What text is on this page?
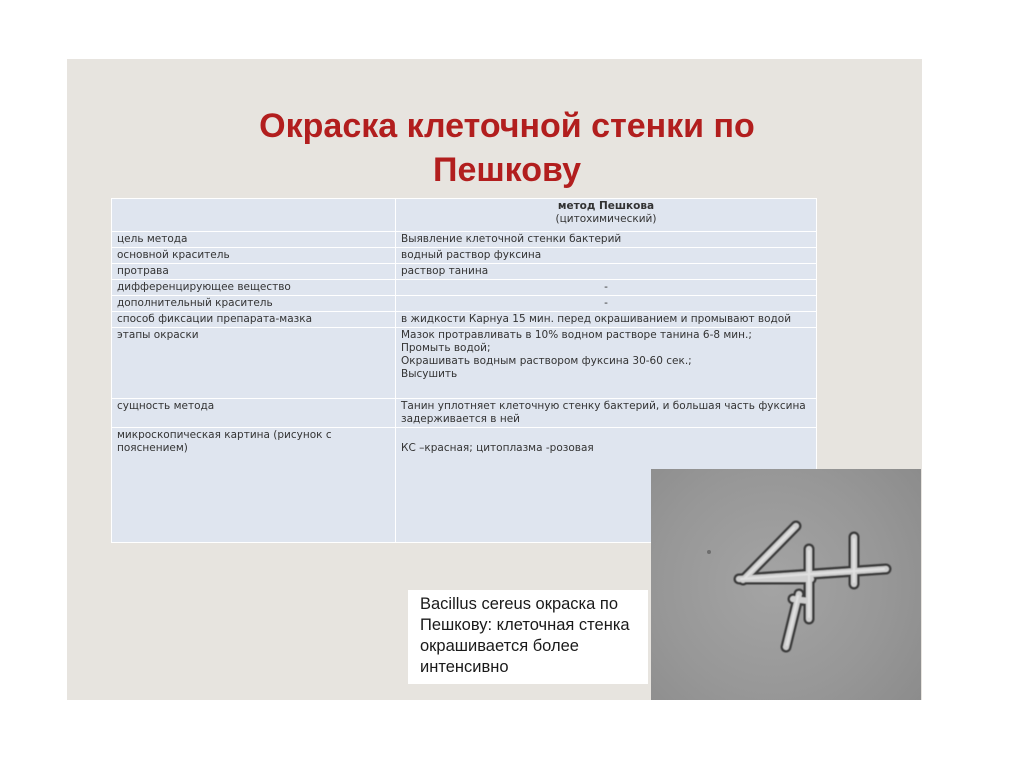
Окраска клеточной стенки по Пешкову

	метод Пешкова
(цитохимический)
цель метода	Выявление клеточной стенки бактерий
основной краситель	водный раствор фуксина
протрава	раствор танина
дифференцирующее вещество	-
дополнительный краситель	-
способ фиксации препарата-мазка	в жидкости Карнуа 15 мин. перед окрашиванием и промывают водой
этапы окраски	Мазок протравливать в 10% водном растворе танина 6-8 мин.;
Промыть водой;
Окрашивать водным раствором фуксина 30-60 сек.;
Высушить

сущность метода	Танин уплотняет клеточную стенку бактерий, и большая часть фуксина задерживается в ней
микроскопическая картина (рисунок с пояснением)	КС –красная; цитоплазма -розовая
Bacillus cereus окраска по Пешкову: клеточная стенка окрашивается более интенсивно
